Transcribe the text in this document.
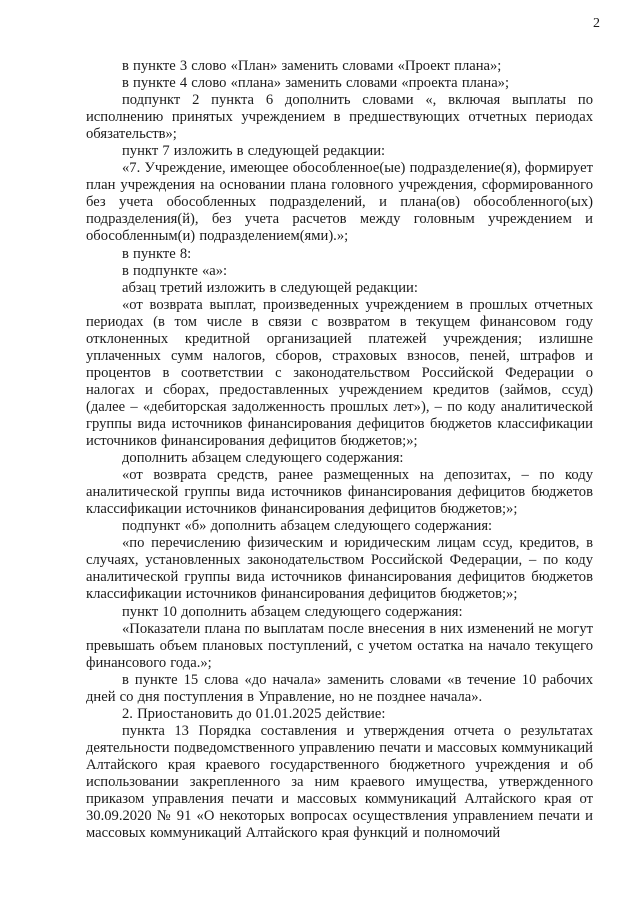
2

в пункте 3 слово «План» заменить словами «Проект плана»;

в пункте 4 слово «плана» заменить словами «проекта плана»;

подпункт 2 пункта 6 дополнить словами «, включая выплаты по исполнению принятых учреждением в предшествующих отчетных периодах обязательств»;

пункт 7 изложить в следующей редакции:

«7. Учреждение, имеющее обособленное(ые) подразделение(я), формирует план учреждения на основании плана головного учреждения, сформированного без учета обособленных подразделений, и плана(ов) обособленного(ых) подразделения(й), без учета расчетов между головным учреждением и обособленным(и) подразделением(ями).»;

в пункте 8:

в подпункте «а»:

абзац третий изложить в следующей редакции:

«от возврата выплат, произведенных учреждением в прошлых отчетных периодах (в том числе в связи с возвратом в текущем финансовом году отклоненных кредитной организацией платежей учреждения; излишне уплаченных сумм налогов, сборов, страховых взносов, пеней, штрафов и процентов в соответствии с законодательством Российской Федерации о налогах и сборах, предоставленных учреждением кредитов (займов, ссуд) (далее – «дебиторская задолженность прошлых лет»), – по коду аналитической группы вида источников финансирования дефицитов бюджетов классификации источников финансирования дефицитов бюджетов;»;

дополнить абзацем следующего содержания:

«от возврата средств, ранее размещенных на депозитах, – по коду аналитической группы вида источников финансирования дефицитов бюджетов классификации источников финансирования дефицитов бюджетов;»;

подпункт «б» дополнить абзацем следующего содержания:

«по перечислению физическим и юридическим лицам ссуд, кредитов, в случаях, установленных законодательством Российской Федерации, – по коду аналитической группы вида источников финансирования дефицитов бюджетов классификации источников финансирования дефицитов бюджетов;»;

пункт 10 дополнить абзацем следующего содержания:

«Показатели плана по выплатам после внесения в них изменений не могут превышать объем плановых поступлений, с учетом остатка на начало текущего финансового года.»;

в пункте 15 слова «до начала» заменить словами «в течение 10 рабочих дней со дня поступления в Управление, но не позднее начала».

2. Приостановить до 01.01.2025 действие:

пункта 13 Порядка составления и утверждения отчета о результатах деятельности подведомственного управлению печати и массовых коммуникаций Алтайского края краевого государственного бюджетного учреждения и об использовании закрепленного за ним краевого имущества, утвержденного приказом управления печати и массовых коммуникаций Алтайского края от 30.09.2020 № 91 «О некоторых вопросах осуществления управлением печати и массовых коммуникаций Алтайского края функций и полномочий
